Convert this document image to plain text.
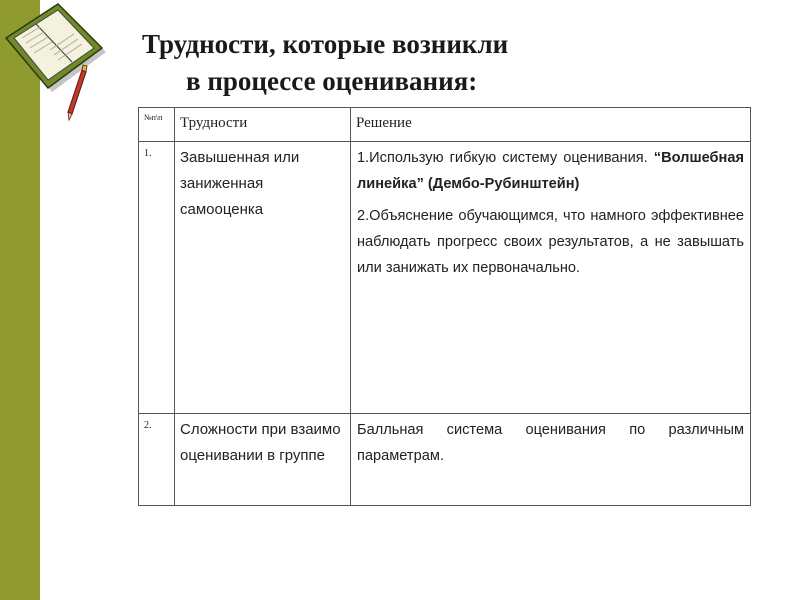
Трудности, которые возникли
в процессе оценивания:
№п\п	Трудности	Решение
1.	Завышенная или заниженная самооценка	1.Использую гибкую систему оценивания. “Волшебная линейка” (Дембо-Рубинштейн)

2.Объяснение обучающимся, что намного эффективнее наблюдать прогресс своих результатов, а не завышать или занижать их первоначально.

2.	Сложности при взаимо оценивании в группе	Балльная система оценивания по различным параметрам.
